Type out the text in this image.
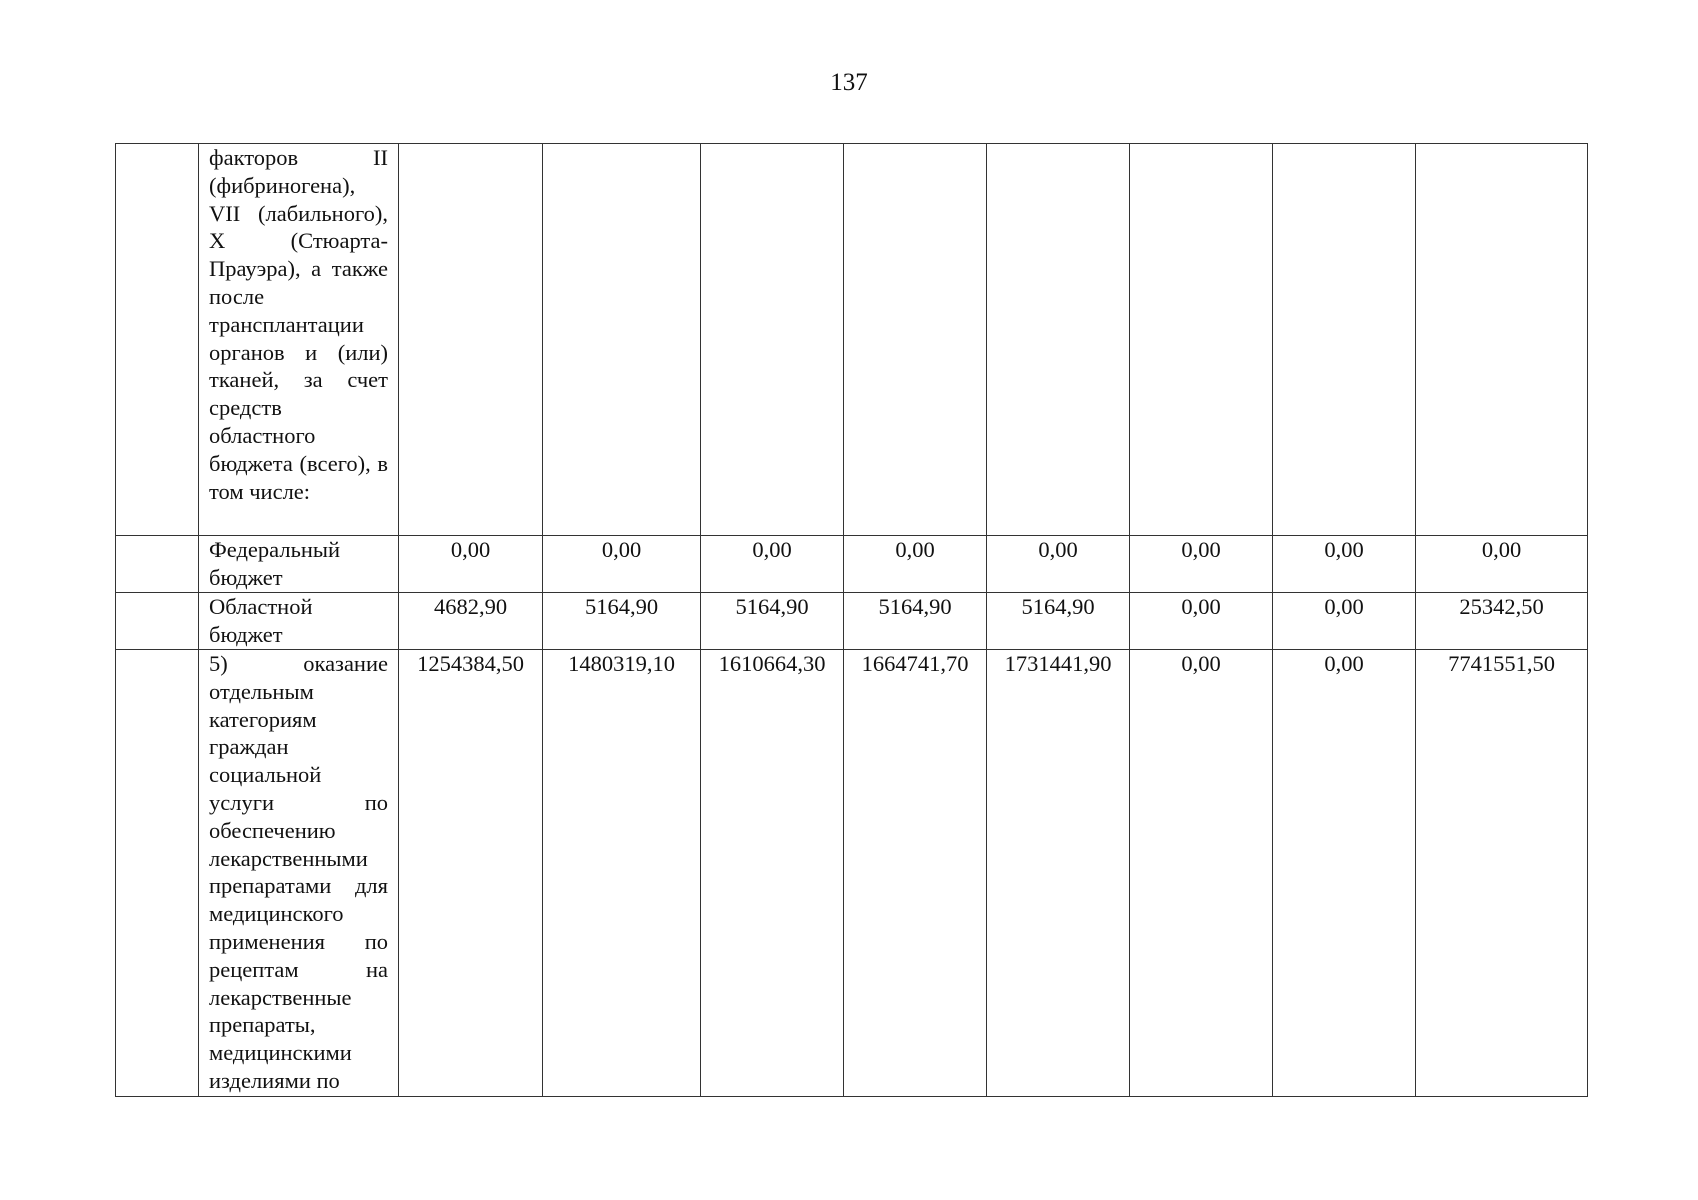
137
	факторов II (фибриногена), VII (лабильного), X (Стюарта-Прауэра), а также после трансплантации органов и (или) тканей, за счет средств областного бюджета (всего), в том числе:								
	Федеральный бюджет	0,00	0,00	0,00	0,00	0,00	0,00	0,00	0,00
	Областной бюджет	4682,90	5164,90	5164,90	5164,90	5164,90	0,00	0,00	25342,50
	5) оказание отдельным категориям граждан социальной услуги по обеспечению лекарственными препаратами для медицинского применения по рецептам на лекарственные препараты, медицинскими изделиями по	1254384,50	1480319,10	1610664,30	1664741,70	1731441,90	0,00	0,00	7741551,50
